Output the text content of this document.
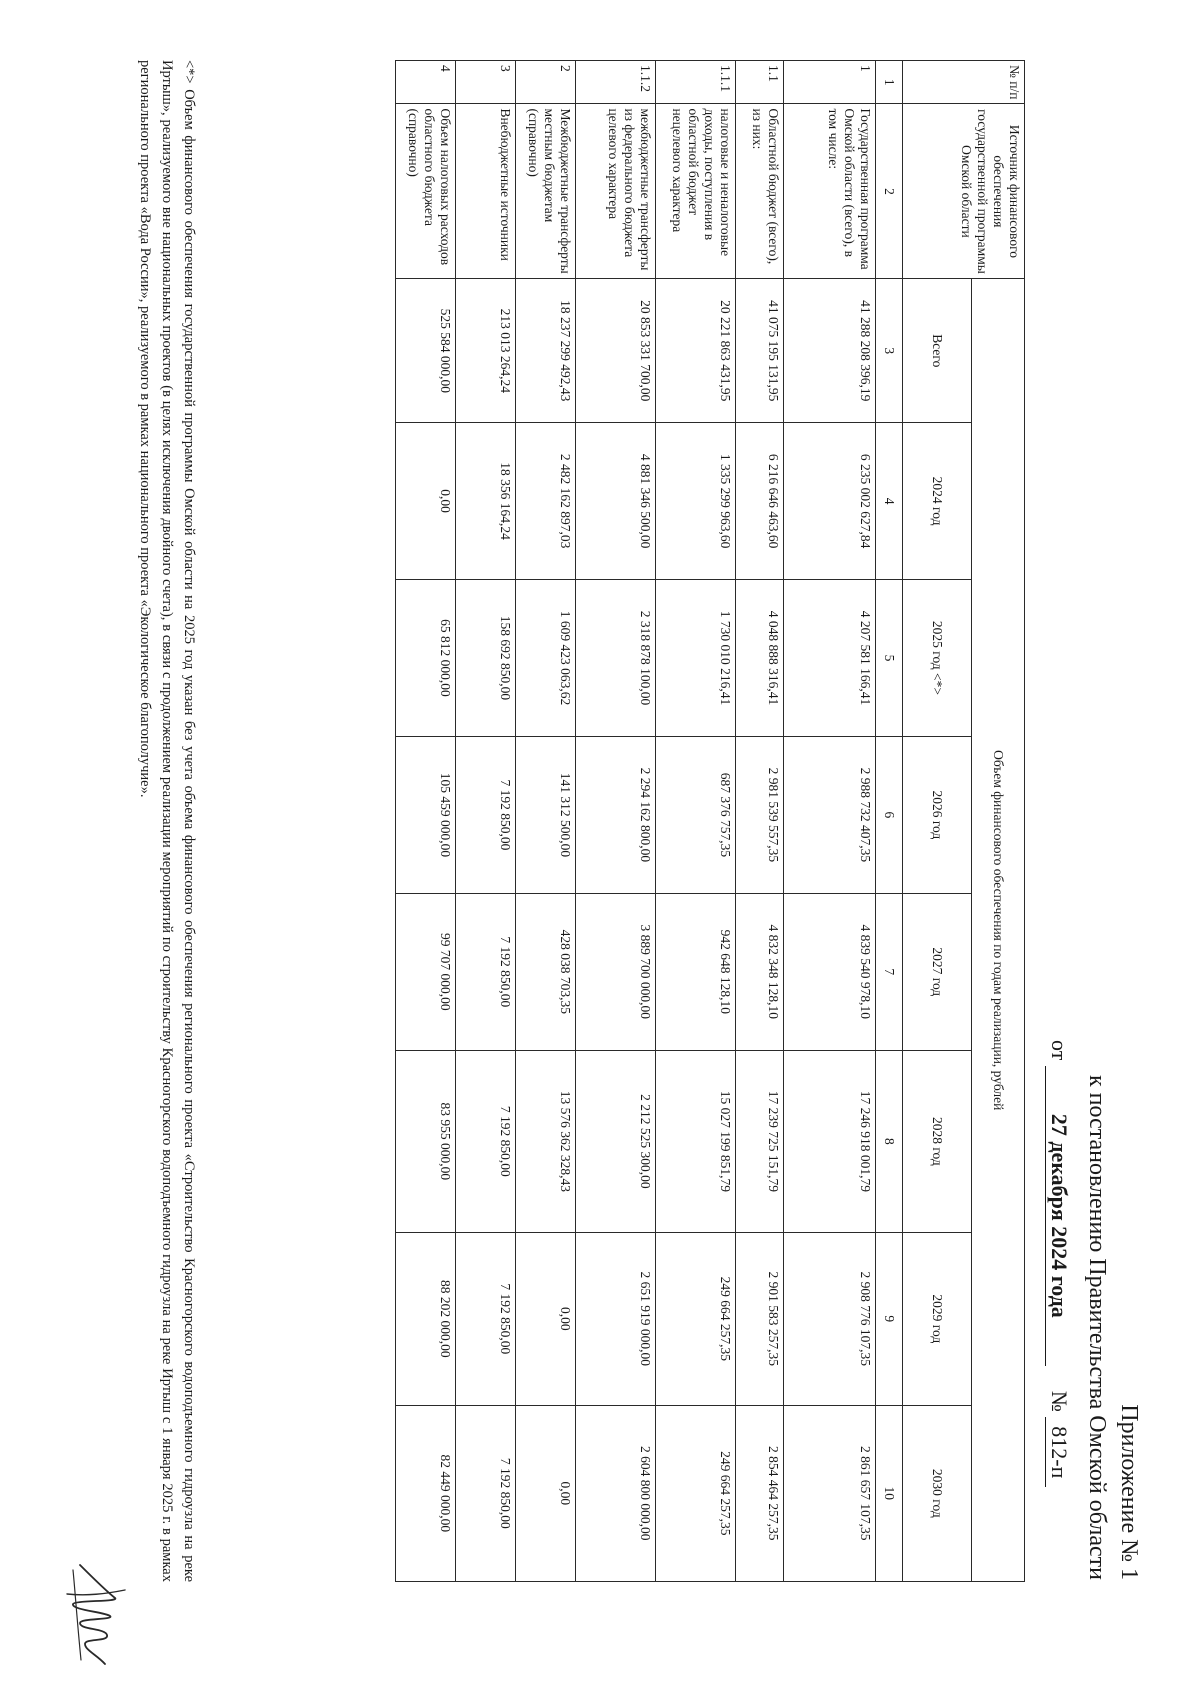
Приложение № 1
к постановлению Правительства Омской области
от 27 декабря 2024 года  № 812-п
№ п/п	Источник финансового обеспечения государственной программы Омской области	Объем финансового обеспечения по годам реализации, рублей							
		Всего	2024 год	2025 год <*>	2026 год	2027 год	2028 год	2029 год	2030 год
1	2	3	4	5	6	7	8	9	10
1	Государственная программа Омской области (всего), в том числе:	41 288 208 396,19	6 235 002 627,84	4 207 581 166,41	2 988 732 407,35	4 839 540 978,10	17 246 918 001,79	2 908 776 107,35	2 861 657 107,35
1.1	Областной бюджет (всего), из них:	41 075 195 131,95	6 216 646 463,60	4 048 888 316,41	2 981 539 557,35	4 832 348 128,10	17 239 725 151,79	2 901 583 257,35	2 854 464 257,35
1.1.1	налоговые и неналоговые доходы, поступления в областной бюджет нецелевого характера	20 221 863 431,95	1 335 299 963,60	1 730 010 216,41	687 376 757,35	942 648 128,10	15 027 199 851,79	249 664 257,35	249 664 257,35
1.1.2	межбюджетные трансферты из федерального бюджета целевого характера	20 853 331 700,00	4 881 346 500,00	2 318 878 100,00	2 294 162 800,00	3 889 700 000,00	2 212 525 300,00	2 651 919 000,00	2 604 800 000,00
2	Межбюджетные трансферты местным бюджетам (справочно)	18 237 299 492,43	2 482 162 897,03	1 609 423 063,62	141 312 500,00	428 038 703,35	13 576 362 328,43	0,00	0,00
3	Внебюджетные источники	213 013 264,24	18 356 164,24	158 692 850,00	7 192 850,00	7 192 850,00	7 192 850,00	7 192 850,00	7 192 850,00
4	Объем налоговых расходов областного бюджета (справочно)	525 584 000,00	0,00	65 812 000,00	105 459 000,00	99 707 000,00	83 955 000,00	88 202 000,00	82 449 000,00
<*> Объем финансового обеспечения государственной программы Омской области на 2025 год указан без учета объема финансового обеспечения регионального проекта «Строительство Красногорского водоподъемного гидроузла на реке Иртыш», реализуемого вне национальных проектов (в целях исключения двойного счета), в связи с продолжением реализации мероприятий по строительству Красногорского водоподъемного гидроузла на реке Иртыш с 1 января 2025 г. в рамках регионального проекта «Вода России», реализуемого в рамках национального проекта «Экологическое благополучие».
